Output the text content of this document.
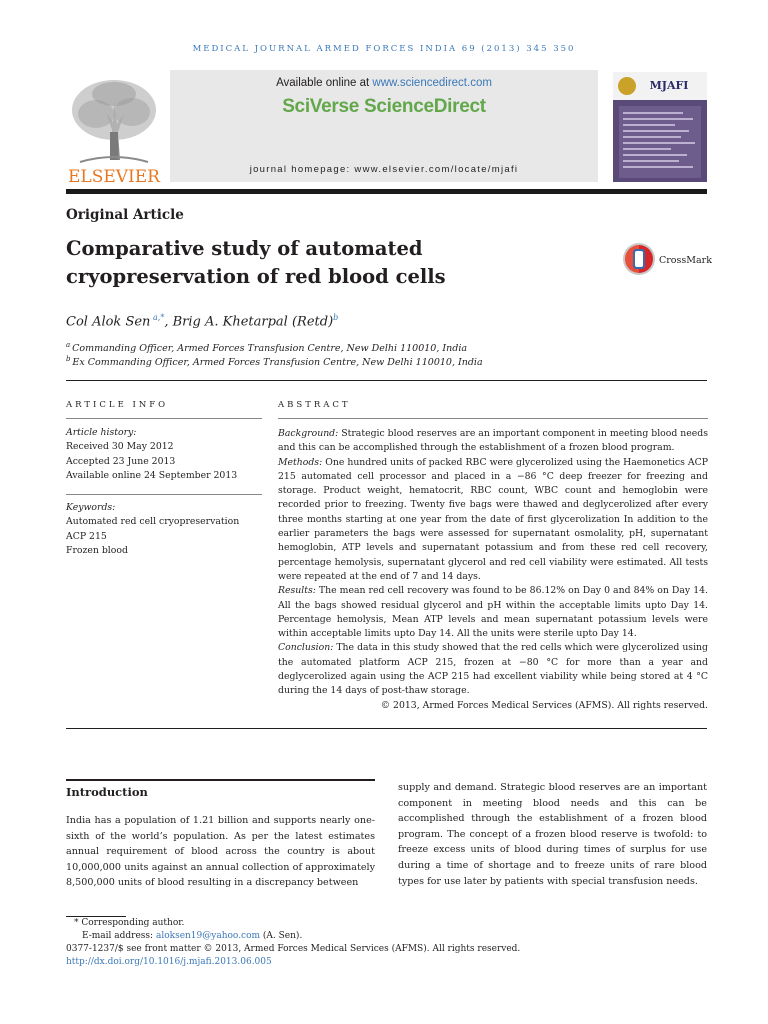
MEDICAL JOURNAL ARMED FORCES INDIA 69 (2013) 345 350
ELSEVIER
Available online at www.sciencedirect.com
SciVerse ScienceDirect
journal homepage: www.elsevier.com/locate/mjafi
MJAFI
Original Article
Comparative study of automated cryopreservation of red blood cells
CrossMark
Col Alok Sen  $^{a,*}$, Brig A. Khetarpal (Retd)$^b$
$^a$  Commanding Officer, Armed Forces Transfusion Centre, New Delhi 110010, India
$^b$  Ex Commanding Officer, Armed Forces Transfusion Centre, New Delhi 110010, India
ARTICLE INFO
Article history:
Received 30 May 2012
Accepted 23 June 2013
Available online 24 September 2013
Keywords:
Automated red cell cryopreservation
ACP 215
Frozen blood
ABSTRACT

Background: Strategic blood reserves are an important component in meeting blood needs and this can be accomplished through the establishment of a frozen blood program.

Methods: One hundred units of packed RBC were glycerolized using the Haemonetics ACP 215 automated cell processor and placed in a −86 °C deep freezer for freezing and storage. Product weight, hematocrit, RBC count, WBC count and hemoglobin were recorded prior to freezing. Twenty five bags were thawed and deglycerolized after every three months starting at one year from the date of first glycerolization In addition to the earlier parameters the bags were assessed for supernatant osmolality, pH, supernatant hemoglobin, ATP levels and supernatant potassium and from these red cell recovery, percentage hemolysis, supernatant glycerol and red cell viability were estimated. All tests were repeated at the end of 7 and 14 days.

Results: The mean red cell recovery was found to be 86.12% on Day 0 and 84% on Day 14. All the bags showed residual glycerol and pH within the acceptable limits upto Day 14. Percentage hemolysis, Mean ATP levels and mean supernatant potassium levels were within acceptable limits upto Day 14. All the units were sterile upto Day 14.

Conclusion: The data in this study showed that the red cells which were glycerolized using the automated platform ACP 215, frozen at −80 °C for more than a year and deglycerolized again using the ACP 215 had excellent viability while being stored at 4 °C during the 14 days of post-thaw storage.

© 2013, Armed Forces Medical Services (AFMS). All rights reserved.

Introduction
India has a population of 1.21 billion and supports nearly one-sixth of the world’s population. As per the latest estimates annual requirement of blood across the country is about 10,000,000 units against an annual collection of approximately 8,500,000 units of blood resulting in a discrepancy between
supply and demand. Strategic blood reserves are an important component in meeting blood needs and this can be accomplished through the establishment of a frozen blood program. The concept of a frozen blood reserve is twofold: to freeze excess units of blood during times of surplus for use during a time of shortage and to freeze units of rare blood types for use later by patients with special transfusion needs.
* Corresponding author.
E-mail address: aloksen19@yahoo.com (A. Sen).
0377-1237/$ see front matter © 2013, Armed Forces Medical Services (AFMS). All rights reserved.
http://dx.doi.org/10.1016/j.mjafi.2013.06.005
